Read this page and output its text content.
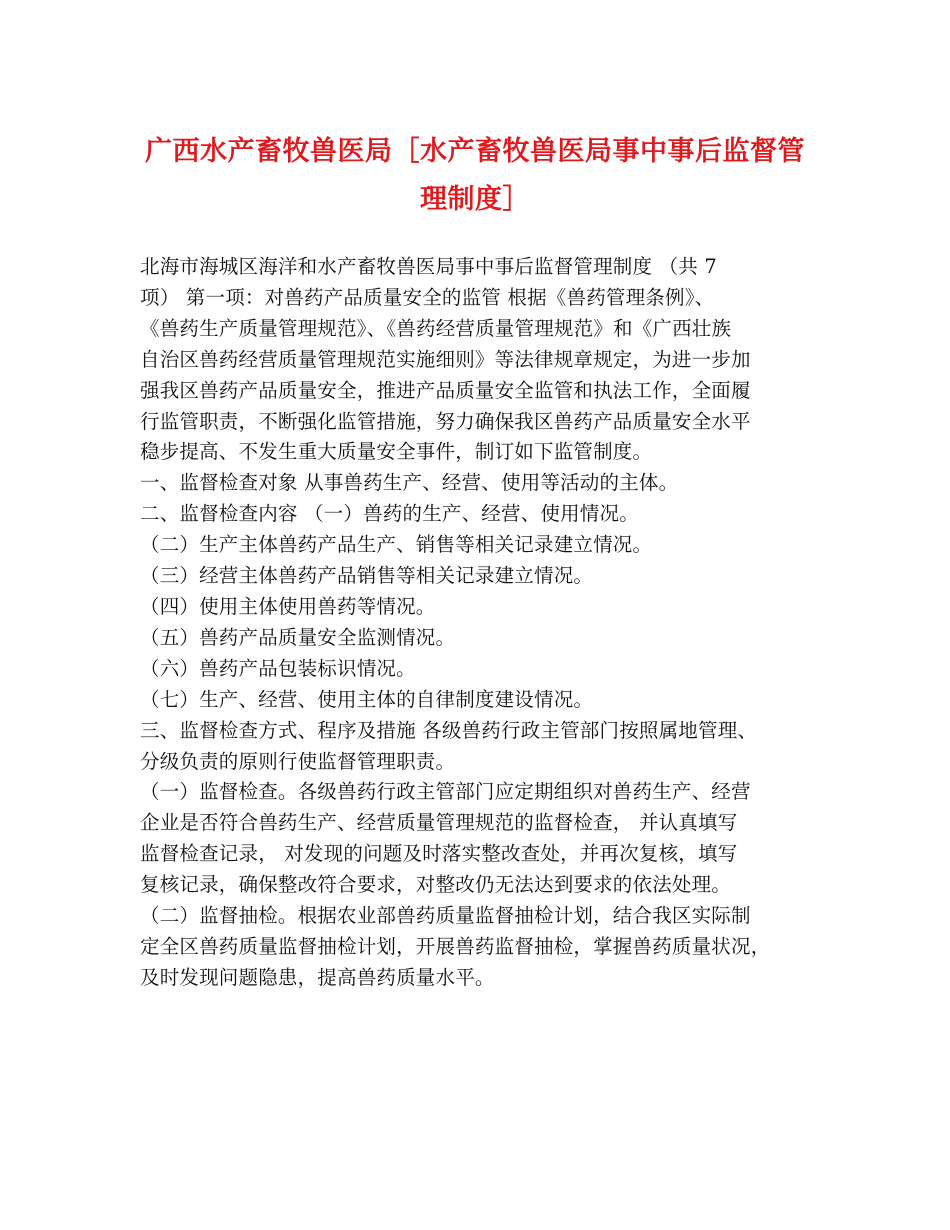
广西水产畜牧兽医局［水产畜牧兽医局事中事后监督管
理制度］
北海市海城区海洋和水产畜牧兽医局事中事后监督管理制度 （共 7
项） 第一项：对兽药产品质量安全的监管 根据《兽药管理条例》、
《兽药生产质量管理规范》、《兽药经营质量管理规范》和《广西壮族
自治区兽药经营质量管理规范实施细则》等法律规章规定，为进一步加
强我区兽药产品质量安全，推进产品质量安全监管和执法工作，全面履
行监管职责，不断强化监管措施，努力确保我区兽药产品质量安全水平
稳步提高、不发生重大质量安全事件，制订如下监管制度。
一、监督检查对象 从事兽药生产、经营、使用等活动的主体。
二、监督检查内容 （一）兽药的生产、经营、使用情况。
（二）生产主体兽药产品生产、销售等相关记录建立情况。
（三）经营主体兽药产品销售等相关记录建立情况。
（四）使用主体使用兽药等情况。
（五）兽药产品质量安全监测情况。
（六）兽药产品包装标识情况。
（七）生产、经营、使用主体的自律制度建设情况。
三、监督检查方式、程序及措施 各级兽药行政主管部门按照属地管理、
分级负责的原则行使监督管理职责。
（一）监督检查。各级兽药行政主管部门应定期组织对兽药生产、经营
企业是否符合兽药生产、经营质量管理规范的监督检查， 并认真填写
监督检查记录， 对发现的问题及时落实整改查处，并再次复核，填写
复核记录，确保整改符合要求，对整改仍无法达到要求的依法处理。
（二）监督抽检。根据农业部兽药质量监督抽检计划，结合我区实际制
定全区兽药质量监督抽检计划，开展兽药监督抽检，掌握兽药质量状况，
及时发现问题隐患，提高兽药质量水平。
